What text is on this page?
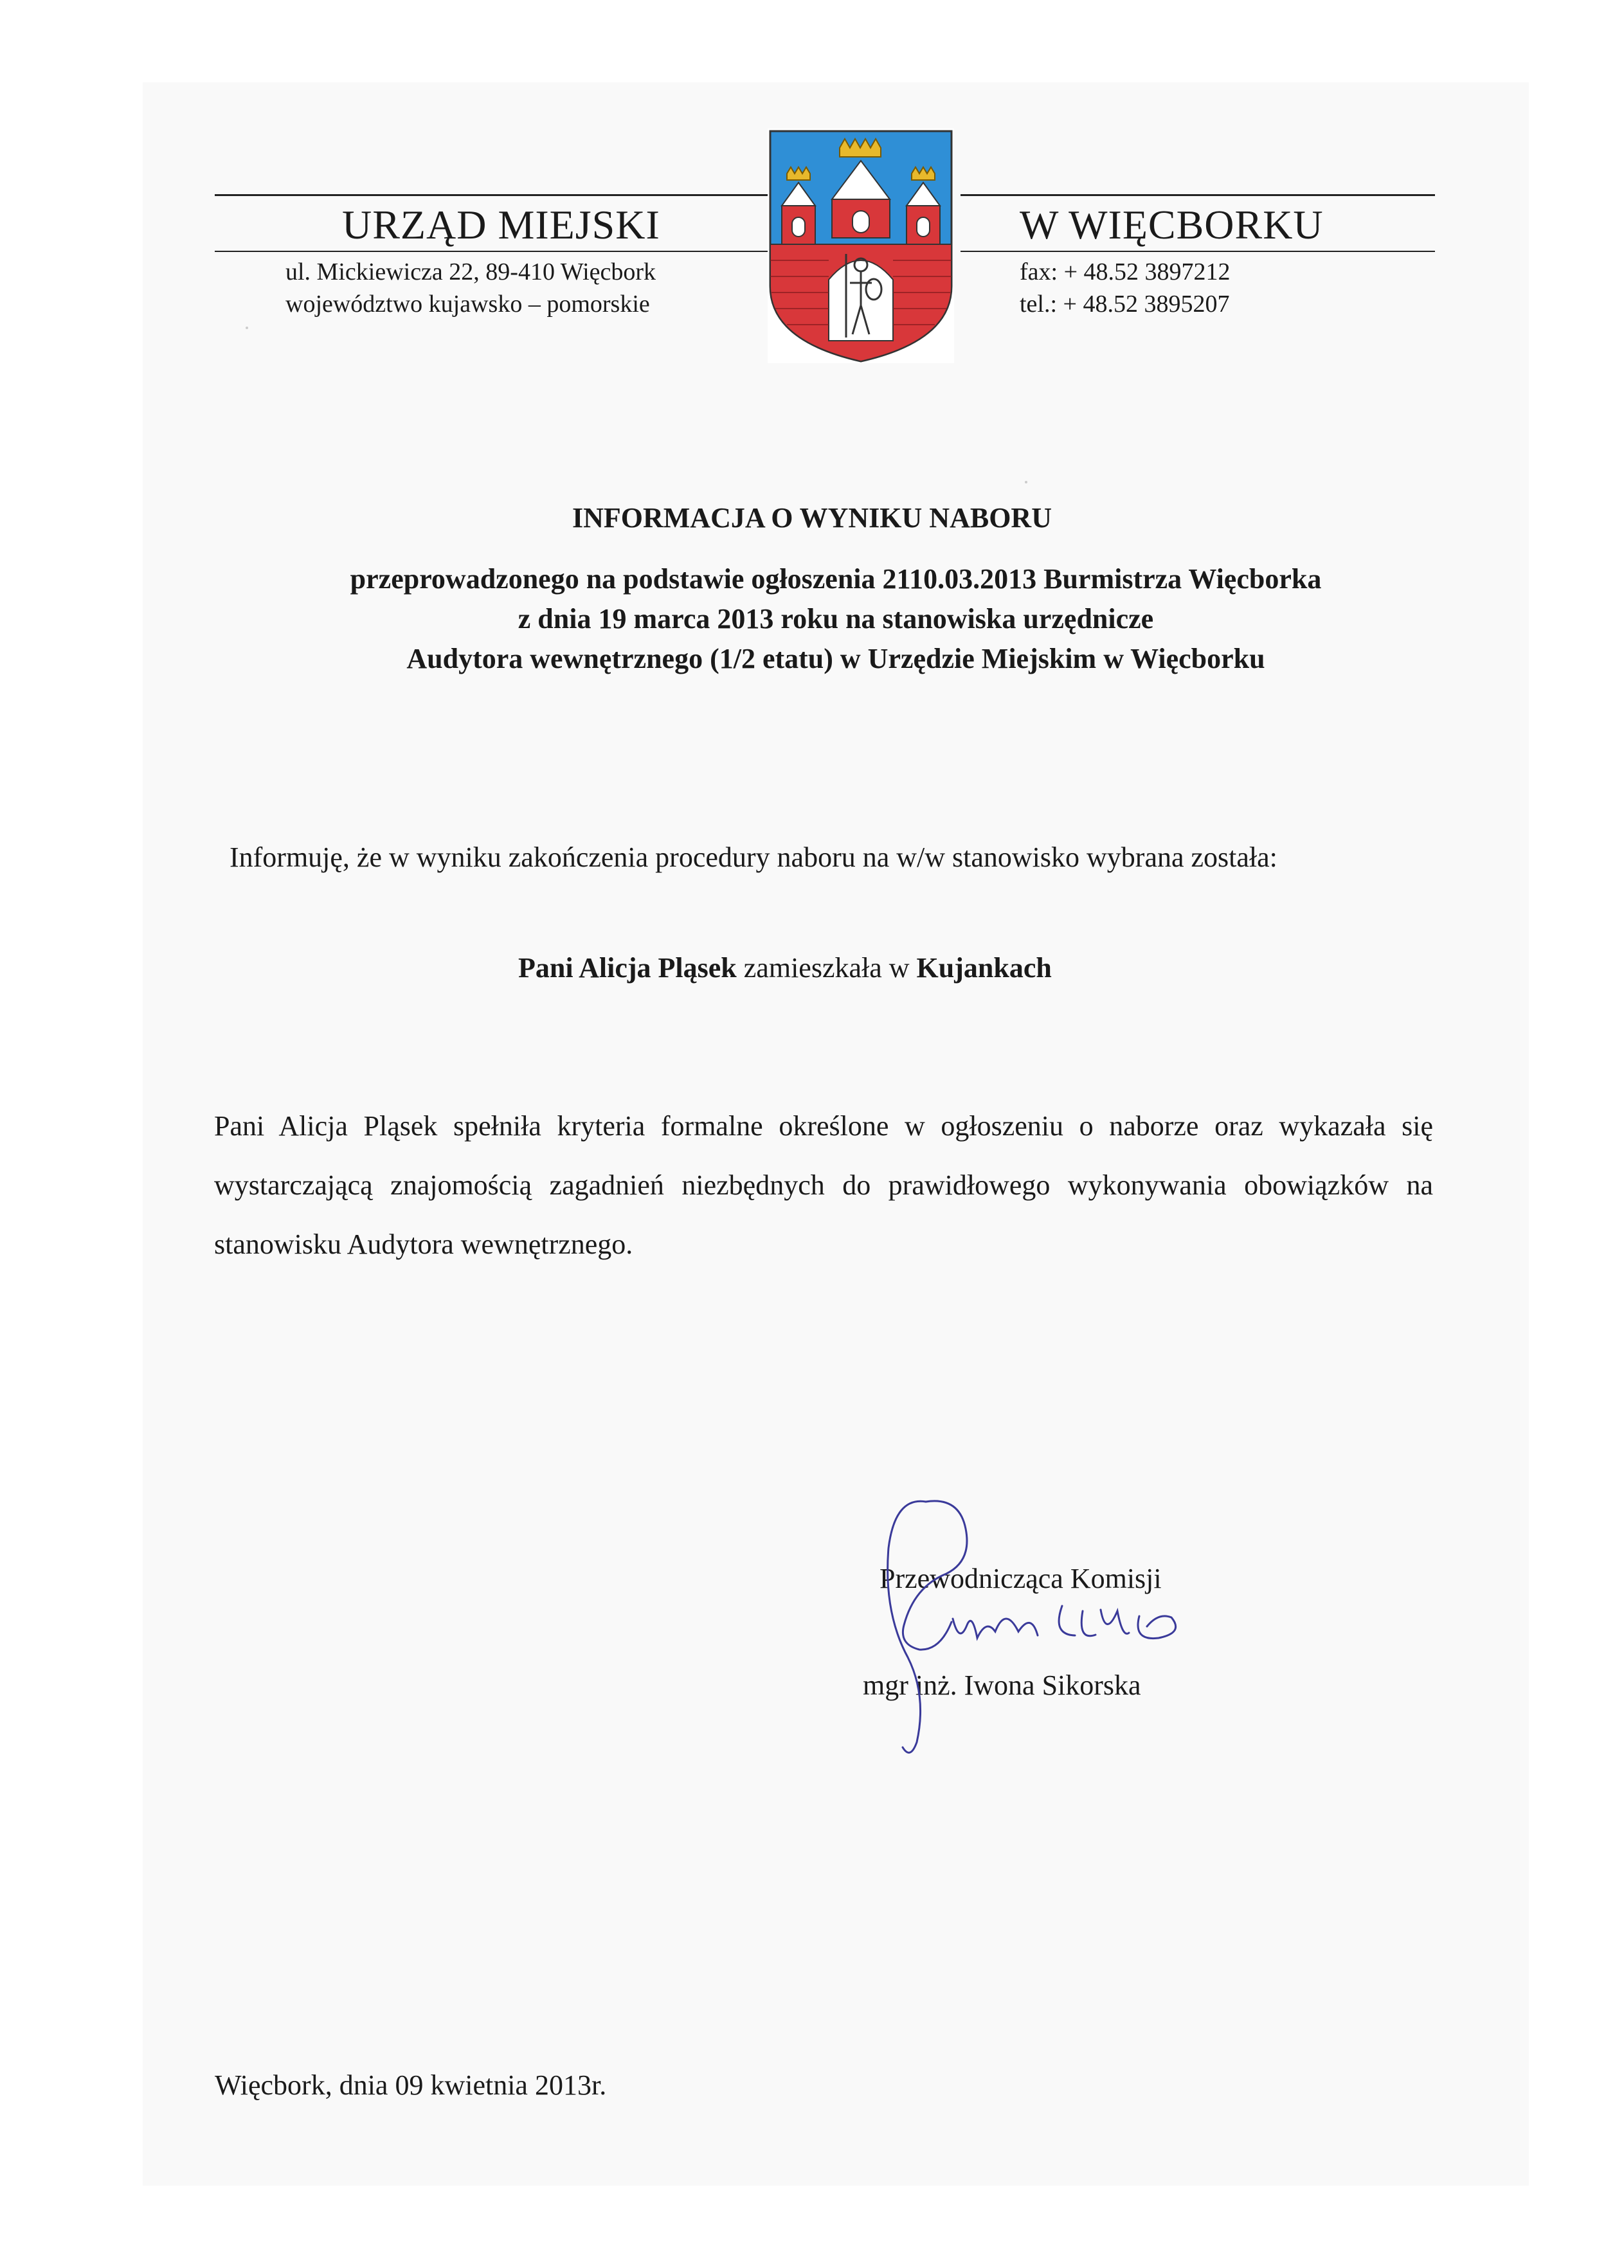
URZĄD MIEJSKI	W WIĘCBORKU
ul. Mickiewicza 22, 89-410 Więcbork
województwo kujawsko – pomorskie
fax: + 48.52 3897212
tel.: + 48.52 3895207
INFORMACJA O WYNIKU NABORU
przeprowadzonego na podstawie ogłoszenia 2110.03.2013 Burmistrza Więcborka
z dnia 19 marca 2013 roku na stanowiska urzędnicze
Audytora wewnętrznego (1/2 etatu) w Urzędzie Miejskim w Więcborku
Informuję, że w wyniku zakończenia procedury naboru na w/w stanowisko wybrana została:
Pani Alicja Pląsek zamieszkała w Kujankach
Pani Alicja Pląsek spełniła kryteria formalne określone w ogłoszeniu o naborze oraz wykazała się wystarczającą znajomością zagadnień niezbędnych do prawidłowego wykonywania obowiązków na stanowisku Audytora wewnętrznego.
Przewodnicząca Komisji
mgr inż. Iwona Sikorska
Więcbork, dnia 09 kwietnia 2013r.
